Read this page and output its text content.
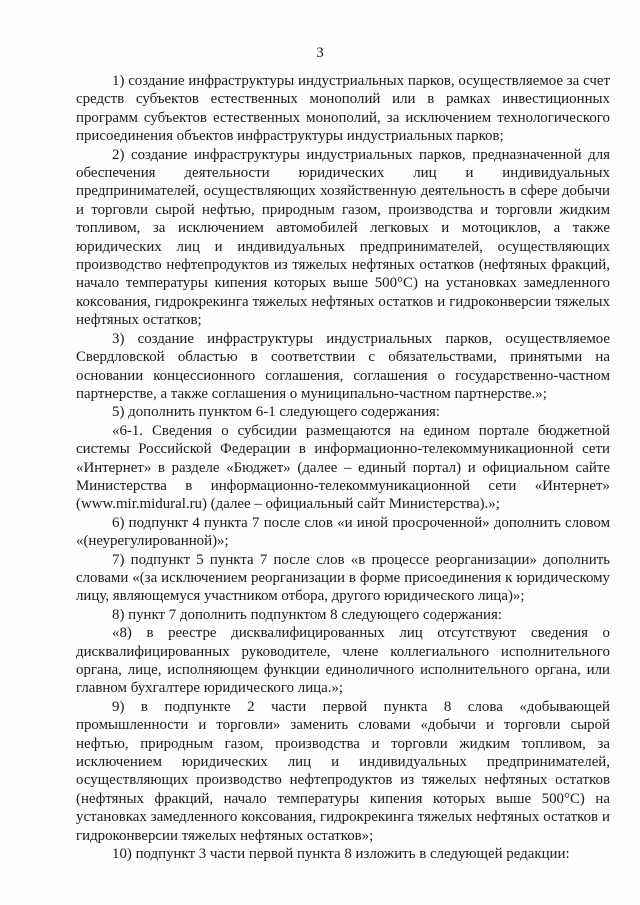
3

1) создание инфраструктуры индустриальных парков, осуществляемое за счет средств субъектов естественных монополий или в рамках инвестиционных программ субъектов естественных монополий, за исключением технологического присоединения объектов инфраструктуры индустриальных парков;

2) создание инфраструктуры индустриальных парков, предназначенной для обеспечения деятельности юридических лиц и индивидуальных предпринимателей, осуществляющих хозяйственную деятельность в сфере добычи и торговли сырой нефтью, природным газом, производства и торговли жидким топливом, за исключением автомобилей легковых и мотоциклов, а также юридических лиц и индивидуальных предпринимателей, осуществляющих производство нефтепродуктов из тяжелых нефтяных остатков (нефтяных фракций, начало температуры кипения которых выше 500°С) на установках замедленного коксования, гидрокрекинга тяжелых нефтяных остатков и гидроконверсии тяжелых нефтяных остатков;

3) создание инфраструктуры индустриальных парков, осуществляемое Свердловской областью в соответствии с обязательствами, принятыми на основании концессионного соглашения, соглашения о государственно-частном партнерстве, а также соглашения о муниципально-частном партнерстве.»;

5) дополнить пунктом 6-1 следующего содержания:

«6-1. Сведения о субсидии размещаются на едином портале бюджетной системы Российской Федерации в информационно-телекоммуникационной сети «Интернет» в разделе «Бюджет» (далее – единый портал) и официальном сайте Министерства в информационно-телекоммуникационной сети «Интернет» (www.mir.midural.ru) (далее – официальный сайт Министерства).»;

6) подпункт 4 пункта 7 после слов «и иной просроченной» дополнить словом «(неурегулированной)»;

7) подпункт 5 пункта 7 после слов «в процессе реорганизации» дополнить словами «(за исключением реорганизации в форме присоединения к юридическому лицу, являющемуся участником отбора, другого юридического лица)»;

8) пункт 7 дополнить подпунктом 8 следующего содержания:

«8) в реестре дисквалифицированных лиц отсутствуют сведения о дисквалифицированных руководителе, члене коллегиального исполнительного органа, лице, исполняющем функции единоличного исполнительного органа, или главном бухгалтере юридического лица.»;

9) в подпункте 2 части первой пункта 8 слова «добывающей промышленности и торговли» заменить словами «добычи и торговли сырой нефтью, природным газом, производства и торговли жидким топливом, за исключением юридических лиц и индивидуальных предпринимателей, осуществляющих производство нефтепродуктов из тяжелых нефтяных остатков (нефтяных фракций, начало температуры кипения которых выше 500°С) на установках замедленного коксования, гидрокрекинга тяжелых нефтяных остатков и гидроконверсии тяжелых нефтяных остатков»;

10) подпункт 3 части первой пункта 8 изложить в следующей редакции:
